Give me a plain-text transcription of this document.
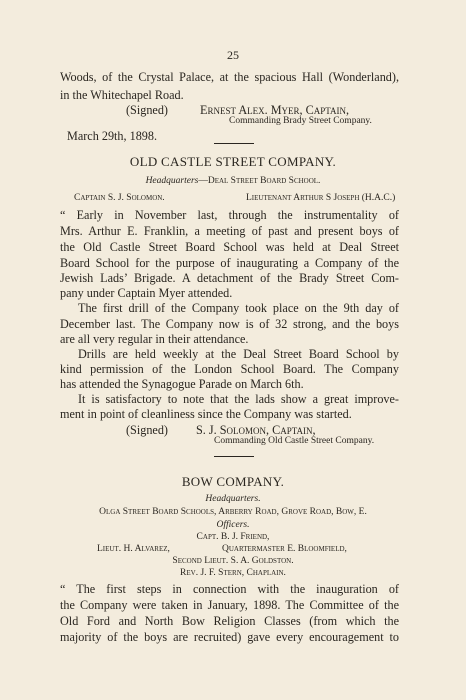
25
Woods, of the Crystal Palace, at the spacious Hall (Wonderland),
in the Whitechapel Road.
(Signed)	Ernest Alex. Myer, Captain,
Commanding Brady Street Company.
March 29th, 1898.
OLD CASTLE STREET COMPANY.
Headquarters—Deal Street Board School.
Captain S. J. Solomon.	Lieutenant Arthur S Joseph (H.A.C.)
“ Early in November last, through the instrumentality of
Mrs. Arthur E. Franklin, a meeting of past and present boys of
the Old Castle Street Board School was held at Deal Street
Board School for the purpose of inaugurating a Company of the
Jewish Lads’ Brigade. A detachment of the Brady Street Com-
pany under Captain Myer attended.
The first drill of the Company took place on the 9th day of
December last. The Company now is of 32 strong, and the boys
are all very regular in their attendance.
Drills are held weekly at the Deal Street Board School by
kind permission of the London School Board. The Company
has attended the Synagogue Parade on March 6th.
It is satisfactory to note that the lads show a great improve-
ment in point of cleanliness since the Company was started.
(Signed) S. J. Solomon, Captain,
Commanding Old Castle Street Company.
BOW COMPANY.
Headquarters.
Olga Street Board Schools, Arberry Road, Grove Road, Bow, E.
Officers.
Capt. B. J. Friend,
Lieut. H. Alvarez,	Quartermaster E. Bloomfield,
Second Lieut. S. A. Goldston.
Rev. J. F. Stern, Chaplain.
“ The first steps in connection with the inauguration of
the Company were taken in January, 1898. The Committee of the
Old Ford and North Bow Religion Classes (from which the
majority of the boys are recruited) gave every encouragement to
